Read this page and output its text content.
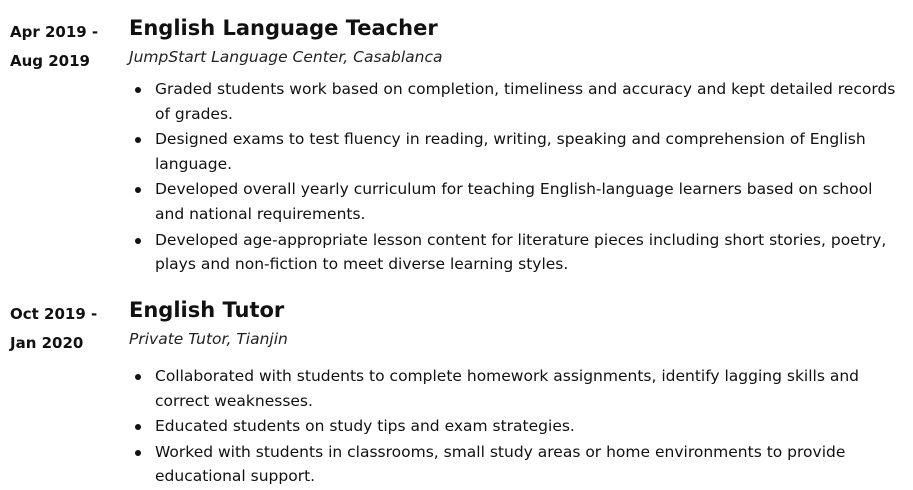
Apr 2019 -
Aug 2019
English Language Teacher

JumpStart Language Center, Casablanca

Graded students work based on completion, timeliness and accuracy and kept detailed records of grades.
Designed exams to test fluency in reading, writing, speaking and comprehension of English language.
Developed overall yearly curriculum for teaching English-language learners based on school and national requirements.
Developed age-appropriate lesson content for literature pieces including short stories, poetry, plays and non-fiction to meet diverse learning styles.
Oct 2019 -
Jan 2020
English Tutor

Private Tutor, Tianjin

Collaborated with students to complete homework assignments, identify lagging skills and correct weaknesses.
Educated students on study tips and exam strategies.
Worked with students in classrooms, small study areas or home environments to provide educational support.
